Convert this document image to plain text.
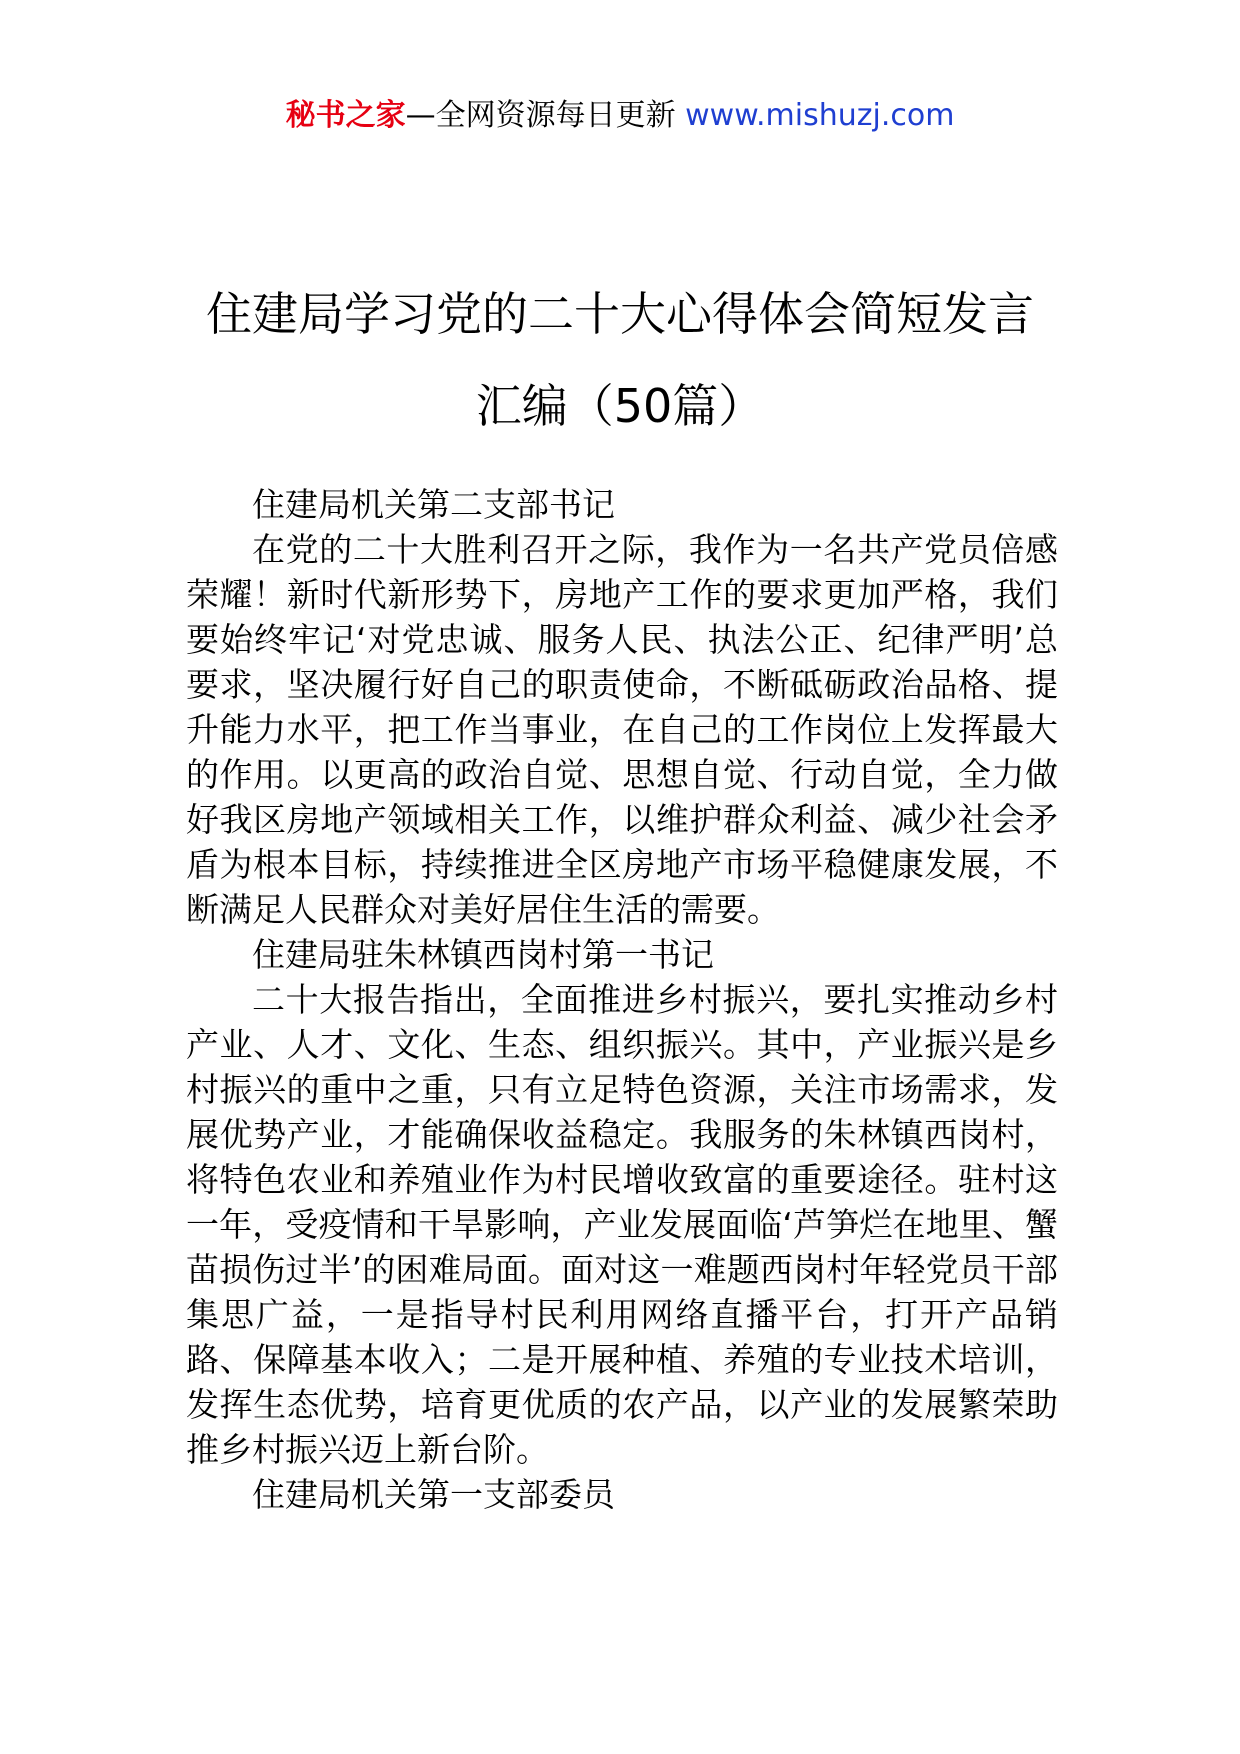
秘书之家—全网资源每日更新 www.mishuzj.com
住建局学习党的二十大心得体会简短发言
汇编（50篇）

住建局机关第二支部书记

在党的二十大胜利召开之际，我作为一名共产党员倍感荣耀！新时代新形势下，房地产工作的要求更加严格，我们要始终牢记‘对党忠诚、服务人民、执法公正、纪律严明’总要求，坚决履行好自己的职责使命，不断砥砺政治品格、提升能力水平，把工作当事业，在自己的工作岗位上发挥最大的作用。以更高的政治自觉、思想自觉、行动自觉，全力做好我区房地产领域相关工作，以维护群众利益、减少社会矛盾为根本目标，持续推进全区房地产市场平稳健康发展，不断满足人民群众对美好居住生活的需要。

住建局驻朱林镇西岗村第一书记

二十大报告指出，全面推进乡村振兴，要扎实推动乡村产业、人才、文化、生态、组织振兴。其中，产业振兴是乡村振兴的重中之重，只有立足特色资源，关注市场需求，发展优势产业，才能确保收益稳定。我服务的朱林镇西岗村，将特色农业和养殖业作为村民增收致富的重要途径。驻村这一年，受疫情和干旱影响，产业发展面临‘芦笋烂在地里、蟹苗损伤过半’的困难局面。面对这一难题西岗村年轻党员干部集思广益，一是指导村民利用网络直播平台，打开产品销路、保障基本收入；二是开展种植、养殖的专业技术培训，发挥生态优势，培育更优质的农产品，以产业的发展繁荣助推乡村振兴迈上新台阶。

住建局机关第一支部委员
